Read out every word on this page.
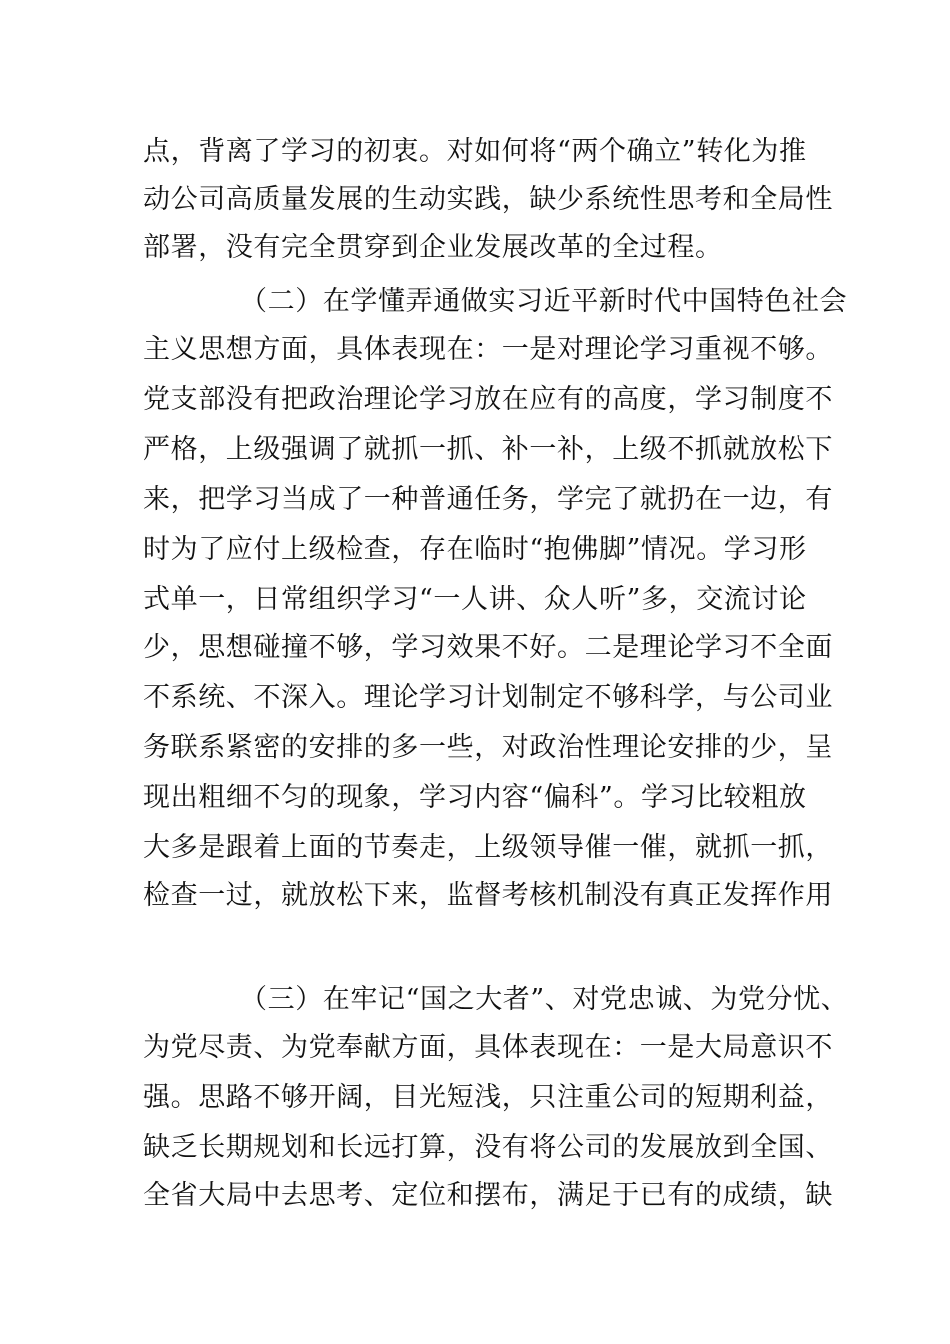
点，背离了学习的初衷。对如何将“两个确立”转化为推
动公司高质量发展的生动实践，缺少系统性思考和全局性
部署，没有完全贯穿到企业发展改革的全过程。
（二）在学懂弄通做实习近平新时代中国特色社会
主义思想方面，具体表现在：一是对理论学习重视不够。
党支部没有把政治理论学习放在应有的高度，学习制度不
严格，上级强调了就抓一抓、补一补，上级不抓就放松下
来，把学习当成了一种普通任务，学完了就扔在一边，有
时为了应付上级检查，存在临时“抱佛脚”情况。学习形
式单一，日常组织学习“一人讲、众人听”多，交流讨论
少，思想碰撞不够，学习效果不好。二是理论学习不全面
不系统、不深入。理论学习计划制定不够科学，与公司业
务联系紧密的安排的多一些，对政治性理论安排的少，呈
现出粗细不匀的现象，学习内容“偏科”。学习比较粗放
大多是跟着上面的节奏走，上级领导催一催，就抓一抓，
检查一过，就放松下来，监督考核机制没有真正发挥作用
（三）在牢记“国之大者”、对党忠诚、为党分忧、
为党尽责、为党奉献方面，具体表现在：一是大局意识不
强。思路不够开阔，目光短浅，只注重公司的短期利益，
缺乏长期规划和长远打算，没有将公司的发展放到全国、
全省大局中去思考、定位和摆布，满足于已有的成绩，缺
